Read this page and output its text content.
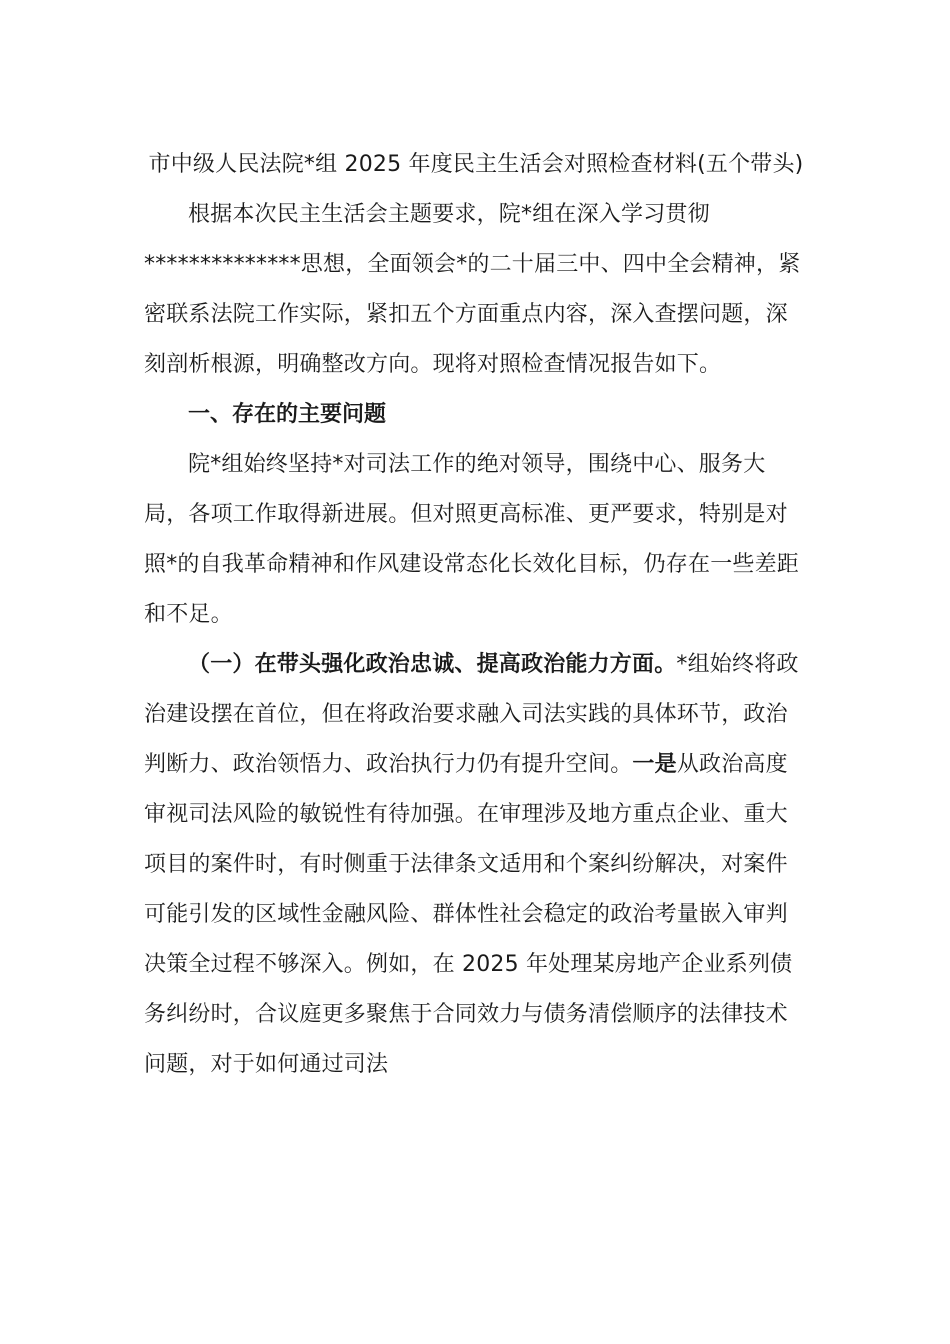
市中级人民法院*组 2025 年度民主生活会对照检查材料(五个带头)

根据本次民主生活会主题要求，院*组在深入学习贯彻**************思想，全面领会*的二十届三中、四中全会精神，紧密联系法院工作实际，紧扣五个方面重点内容，深入查摆问题，深刻剖析根源，明确整改方向。现将对照检查情况报告如下。

一、存在的主要问题

院*组始终坚持*对司法工作的绝对领导，围绕中心、服务大局，各项工作取得新进展。但对照更高标准、更严要求，特别是对照*的自我革命精神和作风建设常态化长效化目标，仍存在一些差距和不足。

（一）在带头强化政治忠诚、提高政治能力方面。*组始终将政治建设摆在首位，但在将政治要求融入司法实践的具体环节，政治判断力、政治领悟力、政治执行力仍有提升空间。一是从政治高度审视司法风险的敏锐性有待加强。在审理涉及地方重点企业、重大项目的案件时，有时侧重于法律条文适用和个案纠纷解决，对案件可能引发的区域性金融风险、群体性社会稳定的政治考量嵌入审判决策全过程不够深入。例如，在 2025 年处理某房地产企业系列债务纠纷时，合议庭更多聚焦于合同效力与债务清偿顺序的法律技术问题，对于如何通过司法
